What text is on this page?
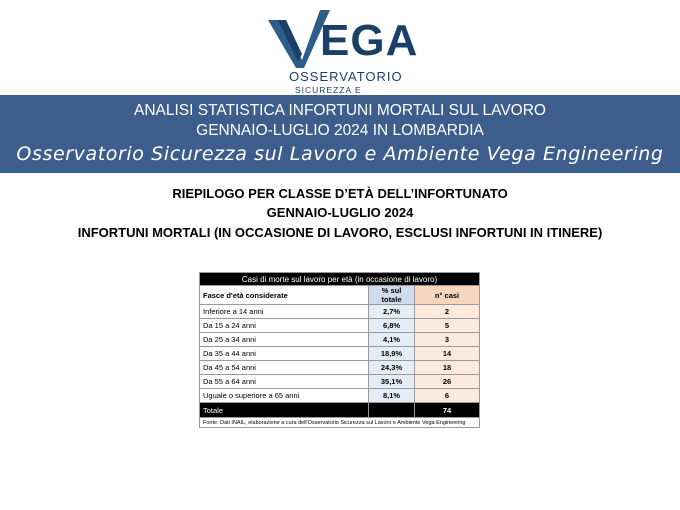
EGA
OSSERVATORIO
SICUREZZA E
ANALISI STATISTICA INFORTUNI MORTALI SUL LAVORO
GENNAIO-LUGLIO 2024 IN LOMBARDIA
Osservatorio Sicurezza sul Lavoro e Ambiente Vega Engineering
RIEPILOGO PER CLASSE D’ETÀ DELL’INFORTUNATO
GENNAIO-LUGLIO 2024
INFORTUNI MORTALI (IN OCCASIONE DI LAVORO, ESCLUSI INFORTUNI IN ITINERE)
Casi di morte sul lavoro per età (in occasione di lavoro)		
Fasce d'età considerate	% sul totale	n° casi
Inferiore a 14 anni	2,7%	2
Da 15 a 24 anni	6,8%	5
Da 25 a 34 anni	4,1%	3
Da 35 a 44 anni	18,9%	14
Da 45 a 54 anni	24,3%	18
Da 55 a 64 anni	35,1%	26
Uguale o superiore a 65 anni	8,1%	6
Totale		74
Fonte: Dati INAIL, elaborazione a cura dell'Osservatorio Sicurezza sul Lavoro e Ambiente Vega Engineering		
